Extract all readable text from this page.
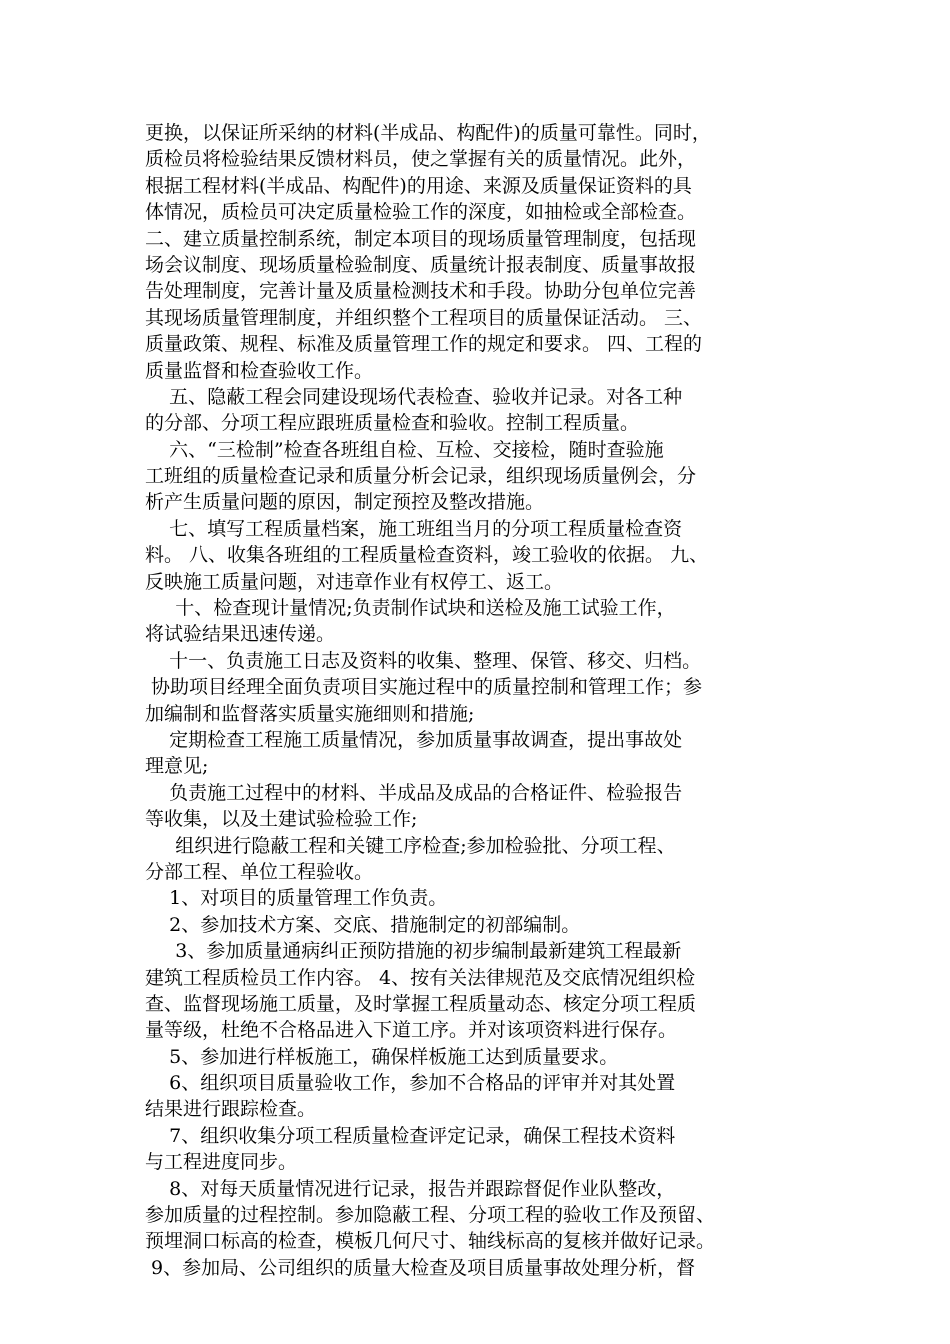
更换，以保证所采纳的材料(半成品、构配件)的质量可靠性。同时，
质检员将检验结果反馈材料员，使之掌握有关的质量情况。此外，
根据工程材料(半成品、构配件)的用途、来源及质量保证资料的具
体情况，质检员可决定质量检验工作的深度，如抽检或全部检查。
二、建立质量控制系统，制定本项目的现场质量管理制度，包括现
场会议制度、现场质量检验制度、质量统计报表制度、质量事故报
告处理制度，完善计量及质量检测技术和手段。协助分包单位完善
其现场质量管理制度，并组织整个工程项目的质量保证活动。 三、
质量政策、规程、标准及质量管理工作的规定和要求。 四、工程的
质量监督和检查验收工作。
五、隐蔽工程会同建设现场代表检查、验收并记录。对各工种
的分部、分项工程应跟班质量检查和验收。控制工程质量。
六、“三检制”检查各班组自检、互检、交接检，随时查验施
工班组的质量检查记录和质量分析会记录，组织现场质量例会，分
析产生质量问题的原因，制定预控及整改措施。
七、填写工程质量档案，施工班组当月的分项工程质量检查资
料。 八、收集各班组的工程质量检查资料，竣工验收的依据。 九、
反映施工质量问题，对违章作业有权停工、返工。
十、检查现计量情况;负责制作试块和送检及施工试验工作，
将试验结果迅速传递。
十一、负责施工日志及资料的收集、整理、保管、移交、归档。
协助项目经理全面负责项目实施过程中的质量控制和管理工作；参
加编制和监督落实质量实施细则和措施;
定期检查工程施工质量情况，参加质量事故调查，提出事故处
理意见;
负责施工过程中的材料、半成品及成品的合格证件、检验报告
等收集，以及土建试验检验工作;
组织进行隐蔽工程和关键工序检查;参加检验批、分项工程、
分部工程、单位工程验收。
1、对项目的质量管理工作负责。
2、参加技术方案、交底、措施制定的初部编制。
3、参加质量通病纠正预防措施的初步编制最新建筑工程最新
建筑工程质检员工作内容。 4、按有关法律规范及交底情况组织检
查、监督现场施工质量，及时掌握工程质量动态、核定分项工程质
量等级，杜绝不合格品进入下道工序。并对该项资料进行保存。
5、参加进行样板施工，确保样板施工达到质量要求。
6、组织项目质量验收工作，参加不合格品的评审并对其处置
结果进行跟踪检查。
7、组织收集分项工程质量检查评定记录，确保工程技术资料
与工程进度同步。
8、对每天质量情况进行记录，报告并跟踪督促作业队整改，
参加质量的过程控制。参加隐蔽工程、分项工程的验收工作及预留、
预埋洞口标高的检查，模板几何尺寸、轴线标高的复核并做好记录。
9、参加局、公司组织的质量大检查及项目质量事故处理分析，督
